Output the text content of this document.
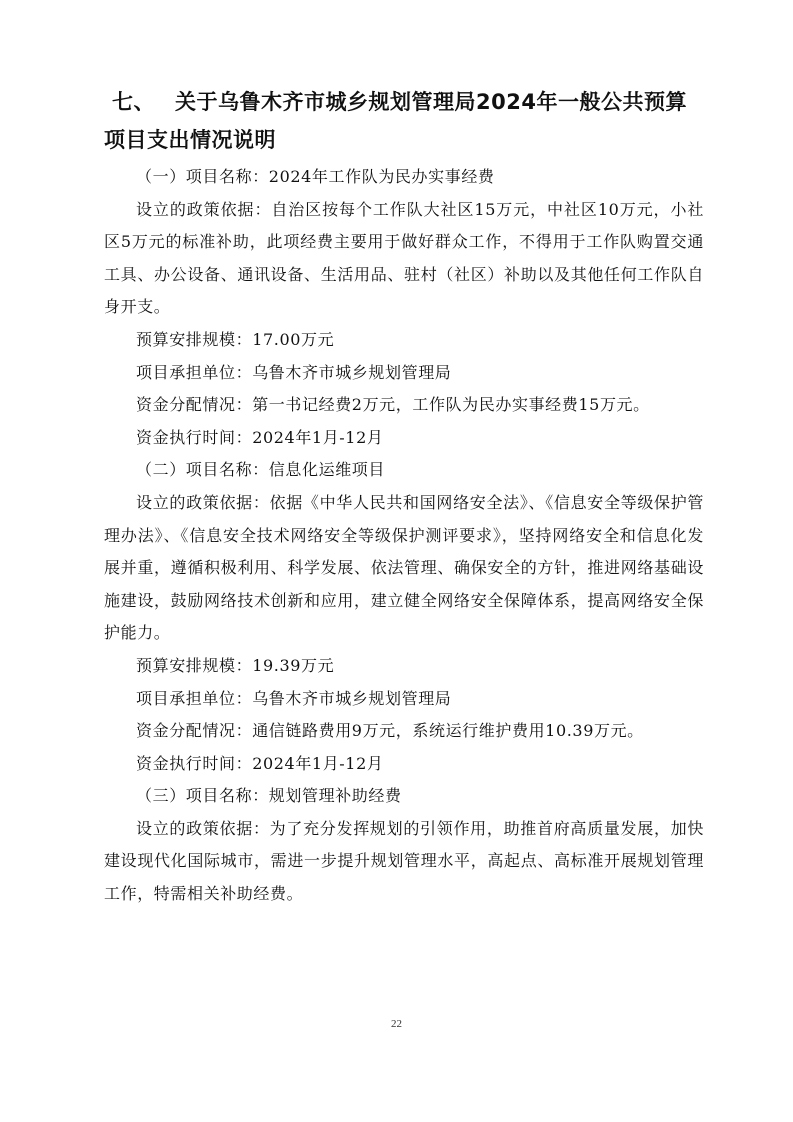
七、 关于乌鲁木齐市城乡规划管理局2024年一般公共预算项目支出情况说明

（一）项目名称：2024年工作队为民办实事经费

设立的政策依据：自治区按每个工作队大社区15万元，中社区10万元，小社区5万元的标准补助，此项经费主要用于做好群众工作，不得用于工作队购置交通工具、办公设备、通讯设备、生活用品、驻村（社区）补助以及其他任何工作队自身开支。

预算安排规模：17.00万元

项目承担单位：乌鲁木齐市城乡规划管理局

资金分配情况：第一书记经费2万元，工作队为民办实事经费15万元。

资金执行时间：2024年1月-12月

（二）项目名称：信息化运维项目

设立的政策依据：依据《中华人民共和国网络安全法》、《信息安全等级保护管理办法》、《信息安全技术网络安全等级保护测评要求》，坚持网络安全和信息化发展并重，遵循积极利用、科学发展、依法管理、确保安全的方针，推进网络基础设施建设，鼓励网络技术创新和应用，建立健全网络安全保障体系，提高网络安全保护能力。

预算安排规模：19.39万元

项目承担单位：乌鲁木齐市城乡规划管理局

资金分配情况：通信链路费用9万元，系统运行维护费用10.39万元。

资金执行时间：2024年1月-12月

（三）项目名称：规划管理补助经费

设立的政策依据：为了充分发挥规划的引领作用，助推首府高质量发展，加快建设现代化国际城市，需进一步提升规划管理水平，高起点、高标准开展规划管理工作，特需相关补助经费。

22
